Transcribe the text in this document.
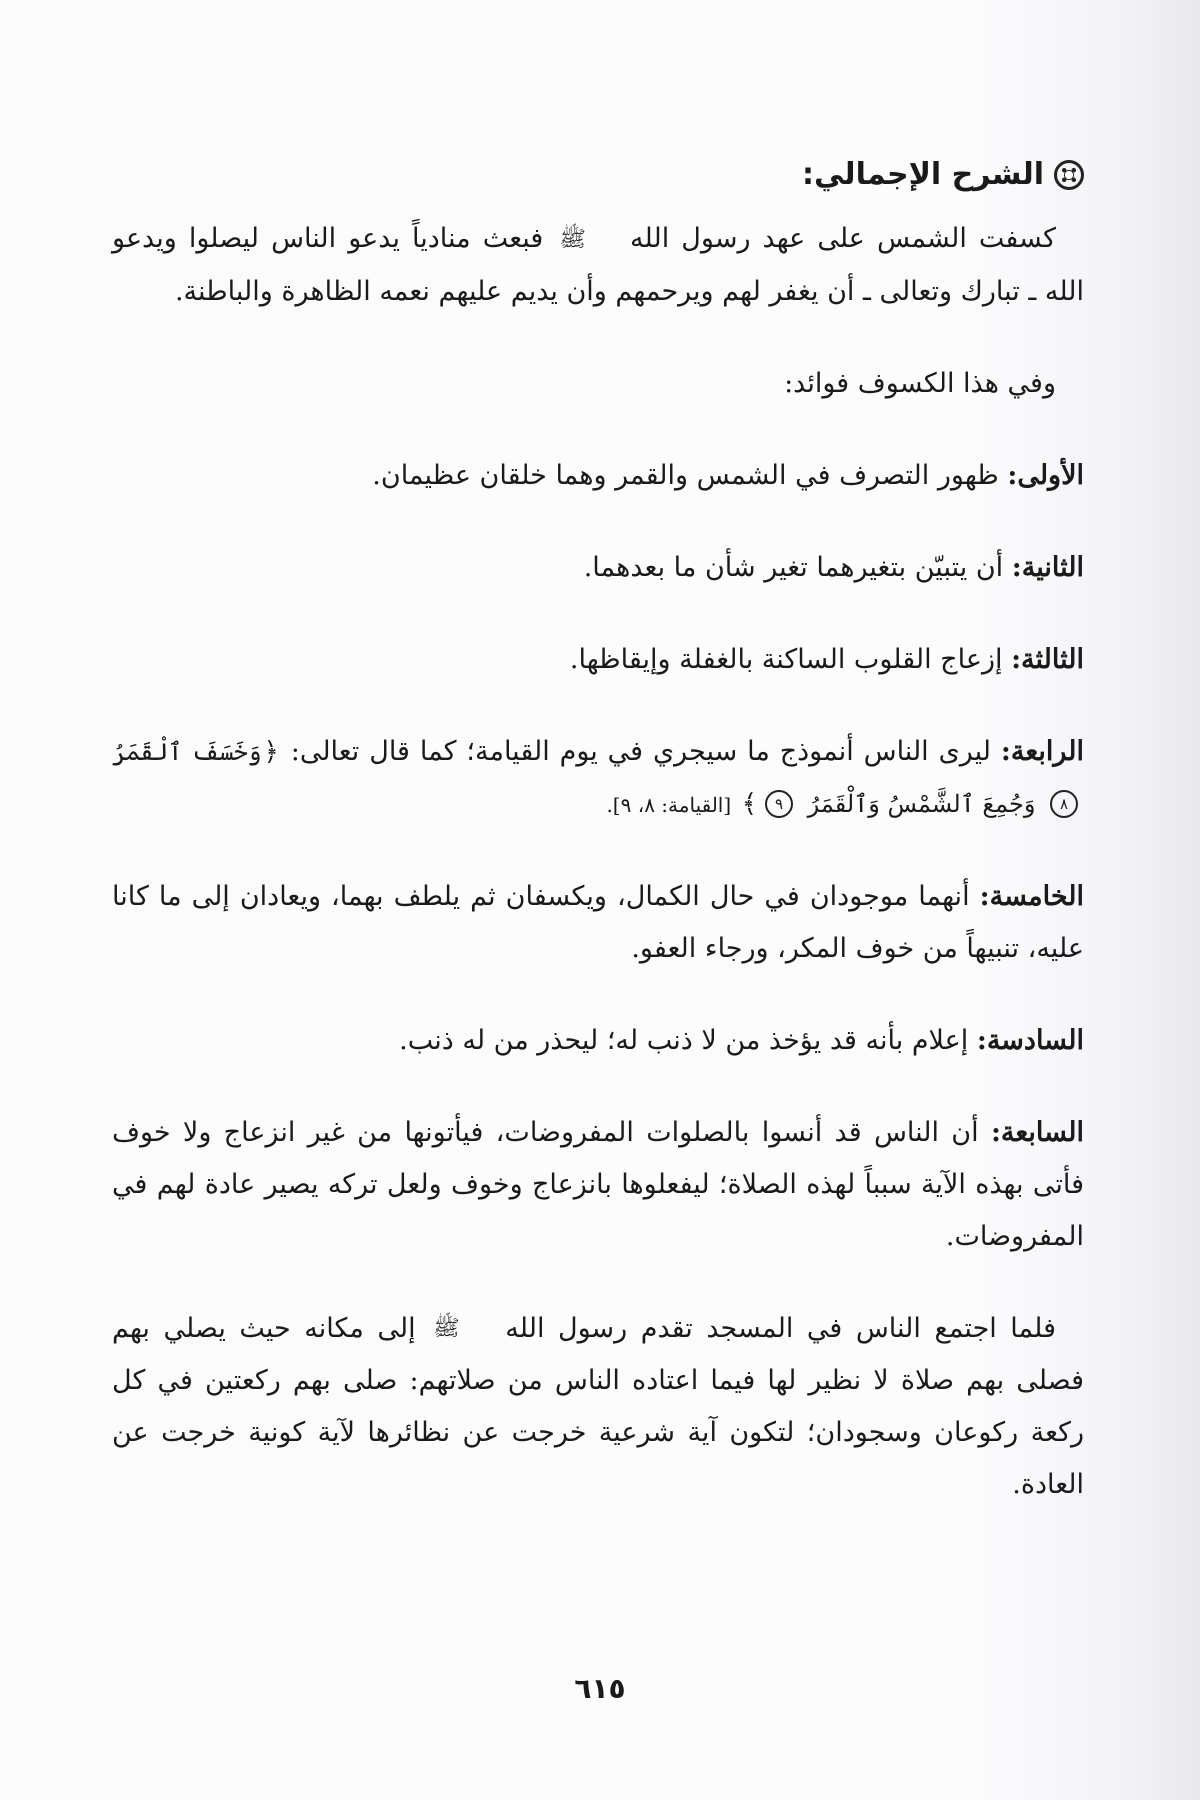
الشرح الإجمالي:

كسفت الشمس على عهد رسول الله ﷺ فبعث منادياً يدعو الناس ليصلوا ويدعو الله ـ تبارك وتعالى ـ أن يغفر لهم ويرحمهم وأن يديم عليهم نعمه الظاهرة والباطنة.

وفي هذا الكسوف فوائد:

الأولى: ظهور التصرف في الشمس والقمر وهما خلقان عظيمان.

الثانية: أن يتبيّن بتغيرهما تغير شأن ما بعدهما.

الثالثة: إزعاج القلوب الساكنة بالغفلة وإيقاظها.

الرابعة: ليرى الناس أنموذج ما سيجري في يوم القيامة؛ كما قال تعالى: ﴿وَخَسَفَ ٱلْقَمَرُ ٨ وَجُمِعَ ٱلشَّمْسُ وَٱلْقَمَرُ ٩﴾ [القيامة: ٨، ٩].

الخامسة: أنهما موجودان في حال الكمال، ويكسفان ثم يلطف بهما، ويعادان إلى ما كانا عليه، تنبيهاً من خوف المكر، ورجاء العفو.

السادسة: إعلام بأنه قد يؤخذ من لا ذنب له؛ ليحذر من له ذنب.

السابعة: أن الناس قد أنسوا بالصلوات المفروضات، فيأتونها من غير انزعاج ولا خوف فأتى بهذه الآية سبباً لهذه الصلاة؛ ليفعلوها بانزعاج وخوف ولعل تركه يصير عادة لهم في المفروضات.

فلما اجتمع الناس في المسجد تقدم رسول الله ﷺ إلى مكانه حيث يصلي بهم فصلى بهم صلاة لا نظير لها فيما اعتاده الناس من صلاتهم: صلى بهم ركعتين في كل ركعة ركوعان وسجودان؛ لتكون آية شرعية خرجت عن نظائرها لآية كونية خرجت عن العادة.

٦١٥
